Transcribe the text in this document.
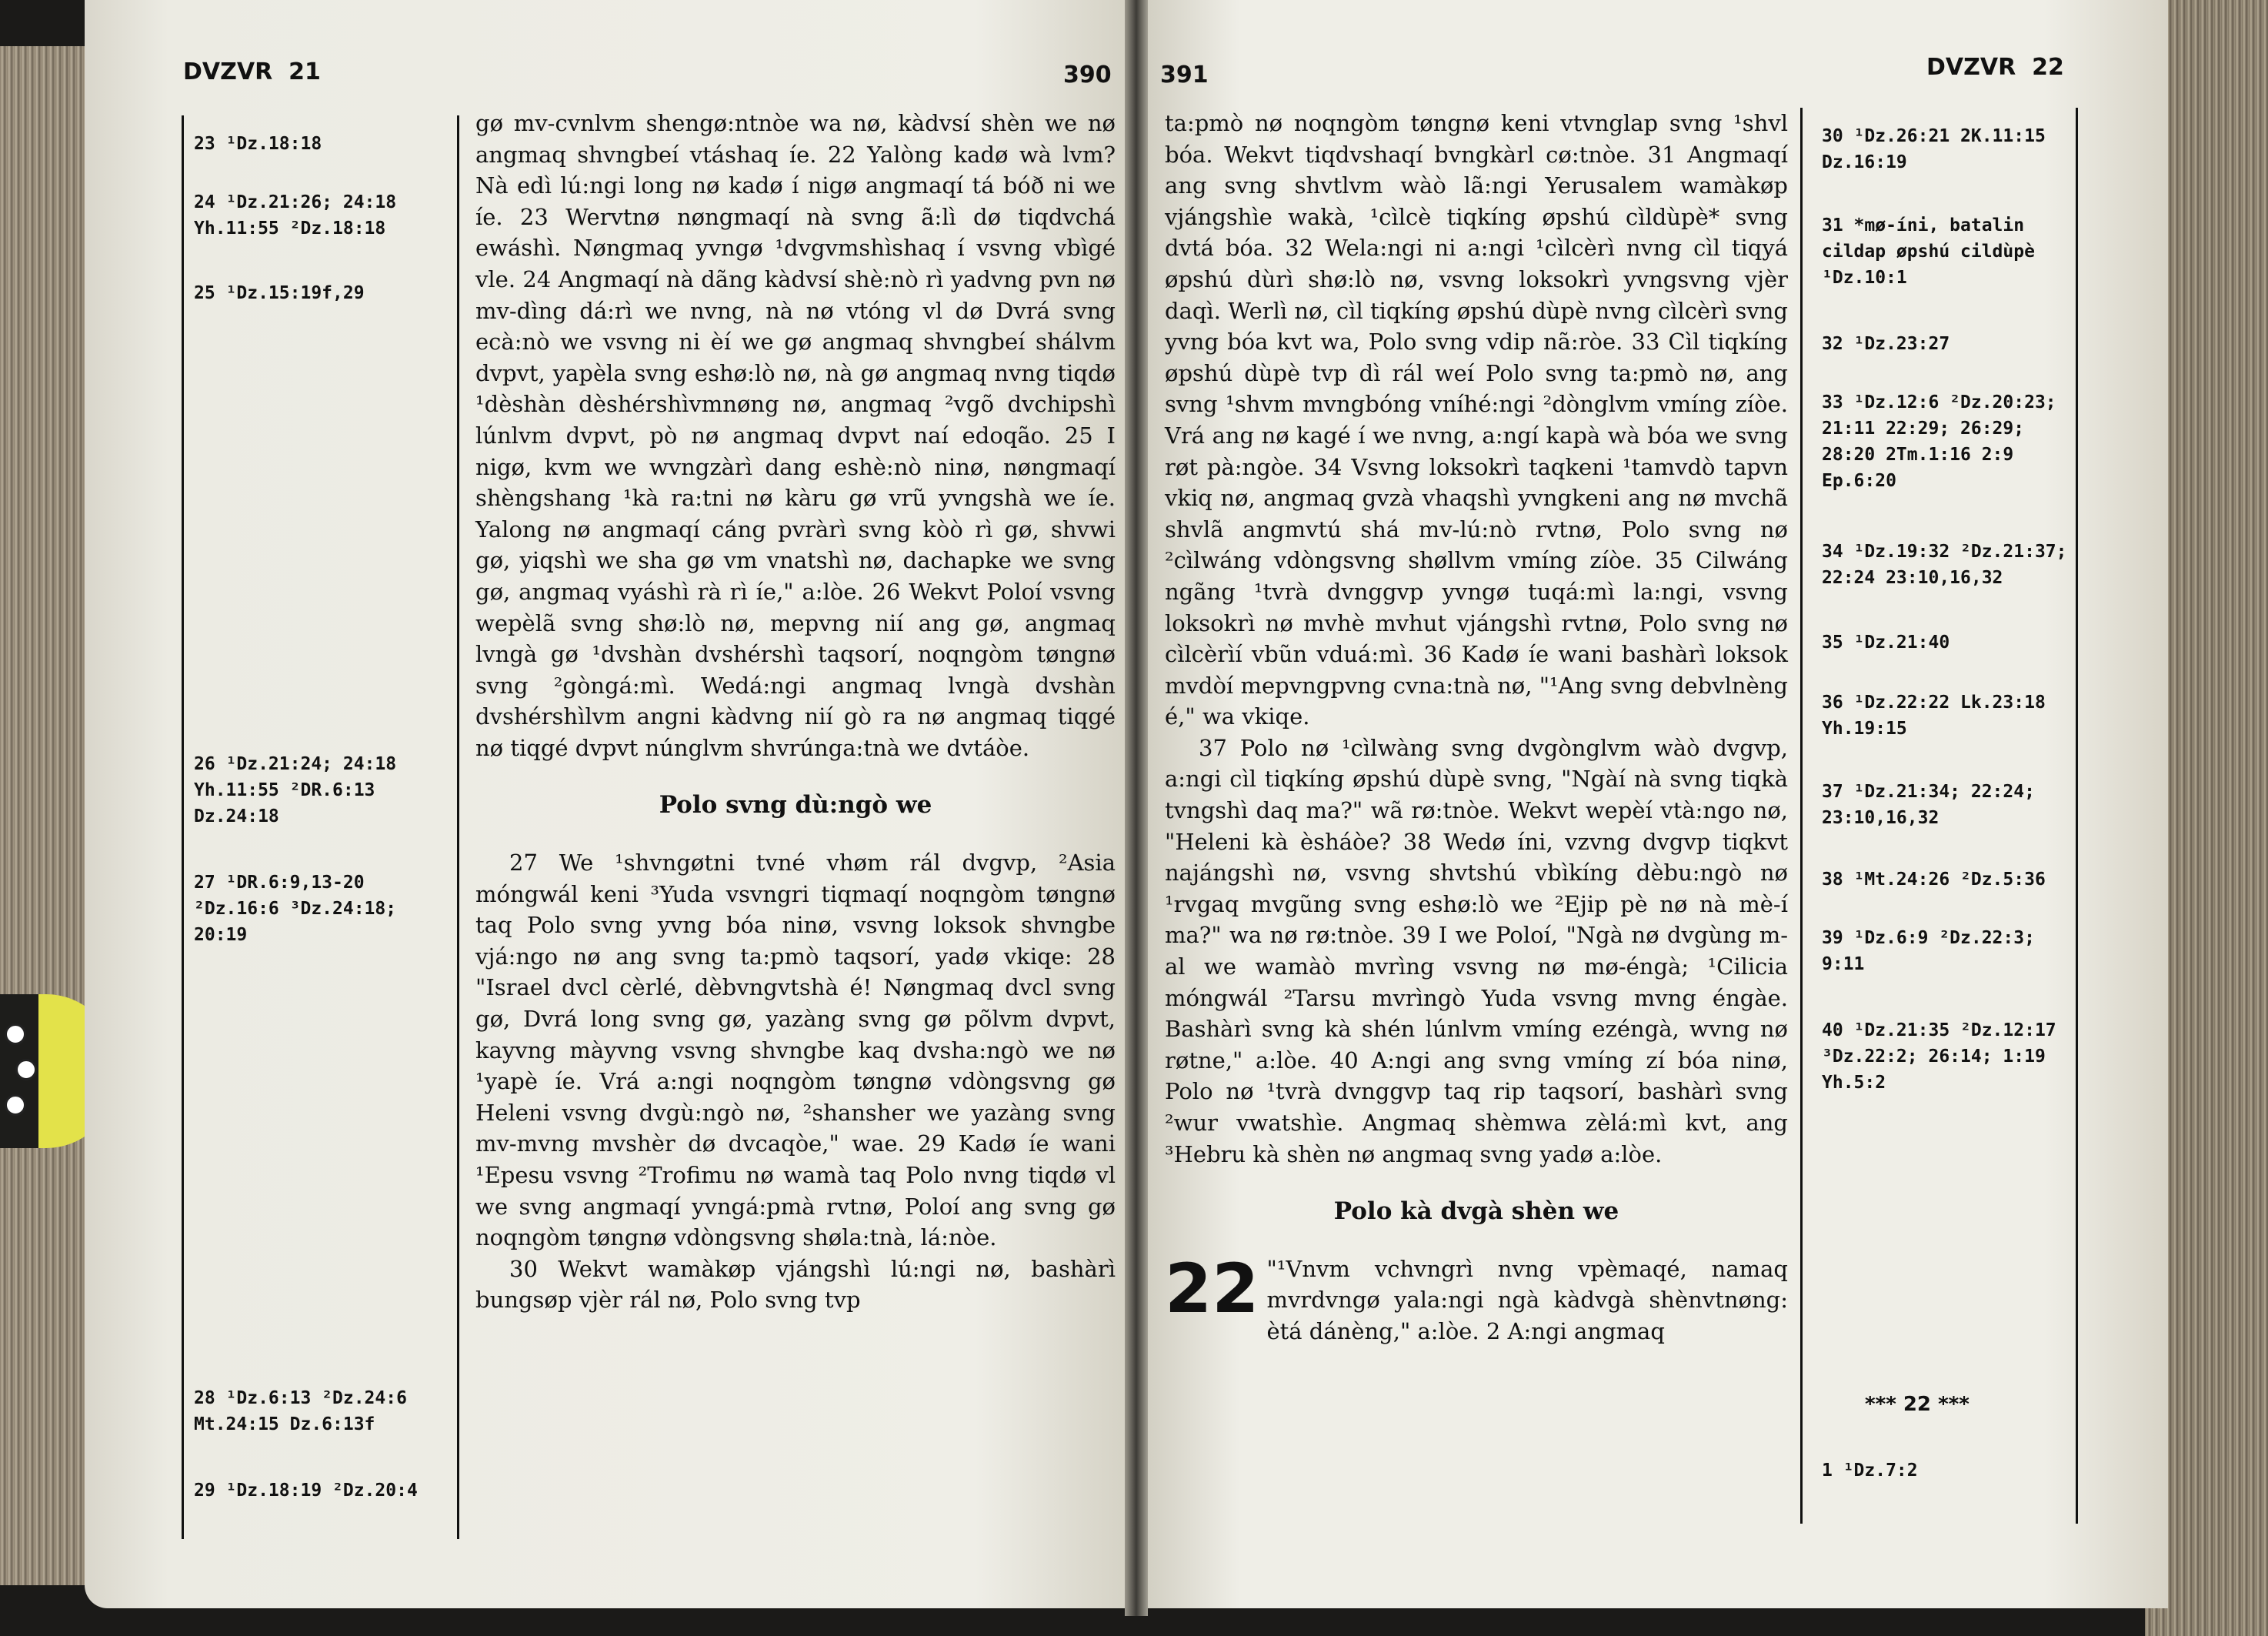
DVZVR  21	390
23 ¹Dz.18:18
24 ¹Dz.21:26; 24:18
Yh.11:55 ²Dz.18:18
25 ¹Dz.15:19f,29
26 ¹Dz.21:24; 24:18
Yh.11:55 ²DR.6:13
Dz.24:18
27 ¹DR.6:9,13-20
²Dz.16:6 ³Dz.24:18;
20:19
28 ¹Dz.6:13 ²Dz.24:6
Mt.24:15 Dz.6:13f
29 ¹Dz.18:19 ²Dz.20:4

gø mv-cvnlvm shengø:ntnòe wa nø, kàdvsí shèn we nø angmaq shvngbeí vtáshaq íe. 22 Yalòng kadø wà lvm? Nà edì lú:ngi long nø kadø í nigø angmaqí tá bóð ni we íe. 23 Wervtnø nøngmaqí nà svng ã:lì dø tiqdvchá ewáshì. Nøngmaq yvngø ¹dvgvmshìshaq í vsvng vbìgé vle. 24 Angmaqí nà dãng kàdvsí shè:nò rì yadvng pvn nø mv-dìng dá:rì we nvng, nà nø vtóng vl dø Dvrá svng ecà:nò we vsvng ni èí we gø angmaq shvngbeí shálvm dvpvt, yapèla svng eshø:lò nø, nà gø angmaq nvng tiqdø ¹dèshàn dèshérshìvmnøng nø, angmaq ²vgõ dvchipshì lúnlvm dvpvt, pò nø angmaq dvpvt naí edoqão. 25 I nigø, kvm we wvngzàrì dang eshè:nò ninø, nøngmaqí shèngshang ¹kà ra:tni nø kàru gø vrũ yvngshà we íe. Yalong nø angmaqí cáng pvràrì svng kòò rì gø, shvwi gø, yiqshì we sha gø vm vnatshì nø, dachapke we svng gø, angmaq vyáshì rà rì íe," a:lòe. 26 Wekvt Poloí vsvng wepèlã svng shø:lò nø, mepvng nií ang gø, angmaq lvngà gø ¹dvshàn dvshérshì taqsorí, noqngòm tøngnø svng ²gòngá:mì. Wedá:ngi angmaq lvngà dvshàn dvshérshìlvm angni kàdvng nií gò ra nø angmaq tiqgé nø tiqgé dvpvt núnglvm shvrúnga:tnà we dvtáòe.

Polo svng dù:ngò we

27 We ¹shvngøtni tvné vhøm rál dvgvp, ²Asia móngwál keni ³Yuda vsvngri tiqmaqí noqngòm tøngnø taq Polo svng yvng bóa ninø, vsvng loksok shvngbe vjá:ngo nø ang svng ta:pmò taqsorí, yadø vkiqe: 28 "Israel dvcl cèrlé, dèbvngvtshà é! Nøngmaq dvcl svng gø, Dvrá long svng gø, yazàng svng gø põlvm dvpvt, kayvng màyvng vsvng shvngbe kaq dvsha:ngò we nø ¹yapè íe. Vrá a:ngi noqngòm tøngnø vdòngsvng gø Heleni vsvng dvgù:ngò nø, ²shansher we yazàng svng mv-mvng mvshèr dø dvcaqòe," wae. 29 Kadø íe wani ¹Epesu vsvng ²Trofimu nø wamà taq Polo nvng tiqdø vl we svng angmaqí yvngá:pmà rvtnø, Poloí ang svng gø noqngòm tøngnø vdòngsvng shøla:tnà, lá:nòe.

30 Wekvt wamàkøp vjángshì lú:ngi nø, bashàrì bungsøp vjèr rál nø, Polo svng tvp

391	DVZVR  22

ta:pmò nø noqngòm tøngnø keni vtvnglap svng ¹shvl bóa. Wekvt tiqdvshaqí bvngkàrl cø:tnòe. 31 Angmaqí ang svng shvtlvm wàò lã:ngi Yerusalem wamàkøp vjángshìe wakà, ¹cìlcè tiqkíng øpshú cìldùpè* svng dvtá bóa. 32 Wela:ngi ni a:ngi ¹cìlcèrì nvng cìl tiqyá øpshú dùrì shø:lò nø, vsvng loksokrì yvngsvng vjèr daqì. Werlì nø, cìl tiqkíng øpshú dùpè nvng cìlcèrì svng yvng bóa kvt wa, Polo svng vdip nã:ròe. 33 Cìl tiqkíng øpshú dùpè tvp dì rál weí Polo svng ta:pmò nø, ang svng ¹shvm mvngbóng vníhé:ngi ²dònglvm vmíng zíòe. Vrá ang nø kagé í we nvng, a:ngí kapà wà bóa we svng røt pà:ngòe. 34 Vsvng loksokrì taqkeni ¹tamvdò tapvn vkiq nø, angmaq gvzà vhaqshì yvngkeni ang nø mvchã shvlã angmvtú shá mv-lú:nò rvtnø, Polo svng nø ²cìlwáng vdòngsvng shøllvm vmíng zíòe. 35 Cilwáng ngãng ¹tvrà dvnggvp yvngø tuqá:mì la:ngi, vsvng loksokrì nø mvhè mvhut vjángshì rvtnø, Polo svng nø cìlcèrìí vbũn vduá:mì. 36 Kadø íe wani bashàrì loksok mvdòí mepvngpvng cvna:tnà nø, "¹Ang svng debvlnèng é," wa vkiqe.

37 Polo nø ¹cìlwàng svng dvgònglvm wàò dvgvp, a:ngi cìl tiqkíng øpshú dùpè svng, "Ngàí nà svng tiqkà tvngshì daq ma?" wã rø:tnòe. Wekvt wepèí vtà:ngo nø, "Heleni kà èsháòe? 38 Wedø íni, vzvng dvgvp tiqkvt najángshì nø, vsvng shvtshú vbìkíng dèbu:ngò nø ¹rvgaq mvgũng svng eshø:lò we ²Ejip pè nø nà mè-í ma?" wa nø rø:tnòe. 39 I we Poloí, "Ngà nø dvgùng m-al we wamàò mvrìng vsvng nø mø-éngà; ¹Cilicia móngwál ²Tarsu mvrìngò Yuda vsvng mvng éngàe. Bashàrì svng kà shén lúnlvm vmíng ezéngà, wvng nø røtne," a:lòe. 40 A:ngi ang svng vmíng zí bóa ninø, Polo nø ¹tvrà dvnggvp taq rip taqsorí, bashàrì svng ²wur vwatshìe. Angmaq shèmwa zèlá:mì kvt, ang ³Hebru kà shèn nø angmaq svng yadø a:lòe.

Polo kà dvgà shèn we

22 "¹Vnvm vchvngrì nvng vpèmaqé, namaq mvrdvngø yala:ngi ngà kàdvgà shènvtnøng: ètá dánèng," a:lòe. 2 A:ngi angmaq

30 ¹Dz.26:21 2K.11:15
Dz.16:19
31 *mø-íni, batalin
cildap øpshú cildùpè
¹Dz.10:1
32 ¹Dz.23:27
33 ¹Dz.12:6 ²Dz.20:23;
21:11 22:29; 26:29;
28:20 2Tm.1:16 2:9
Ep.6:20
34 ¹Dz.19:32 ²Dz.21:37;
22:24 23:10,16,32
35 ¹Dz.21:40
36 ¹Dz.22:22 Lk.23:18
Yh.19:15
37 ¹Dz.21:34; 22:24;
23:10,16,32
38 ¹Mt.24:26 ²Dz.5:36
39 ¹Dz.6:9 ²Dz.22:3;
9:11
40 ¹Dz.21:35 ²Dz.12:17
³Dz.22:2; 26:14; 1:19
Yh.5:2
1 ¹Dz.7:2
*** 22 ***
